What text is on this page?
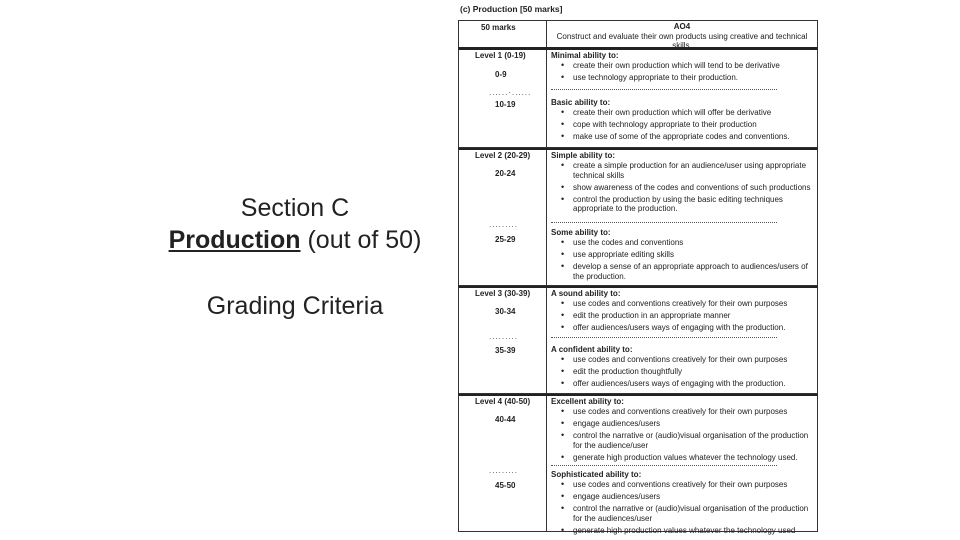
Section C
Production (out of 50)
Grading Criteria
(c) Production [50 marks]
50 marks	AO4
Construct and evaluate their own products using creative and technical skills.
Level 1 (0-19)
0-9
......·......
10-19
Minimal ability to:
• create their own production which will tend to be derivative
• use technology appropriate to their production.
Basic ability to:
• create their own production which will offer be derivative
• cope with technology appropriate to their production
• make use of some of the appropriate codes and conventions.
Level 2 (20-29)
20-24
.........
25-29
Simple ability to:
• create a simple production for an audience/user using appropriate technical skills
• show awareness of the codes and conventions of such productions
• control the production by using the basic editing techniques appropriate to the production.
Some ability to:
• use the codes and conventions
• use appropriate editing skills
• develop a sense of an appropriate approach to audiences/users of the production.
Level 3 (30-39)
30-34
.........
35-39
A sound ability to:
• use codes and conventions creatively for their own purposes
• edit the production in an appropriate manner
• offer audiences/users ways of engaging with the production.
A confident ability to:
• use codes and conventions creatively for their own purposes
• edit the production thoughtfully
• offer audiences/users ways of engaging with the production.
Level 4 (40-50)
40-44
.........
45-50
Excellent ability to:
• use codes and conventions creatively for their own purposes
• engage audiences/users
• control the narrative or (audio)visual organisation of the production for the audience/user
• generate high production values whatever the technology used.
Sophisticated ability to:
• use codes and conventions creatively for their own purposes
• engage audiences/users
• control the narrative or (audio)visual organisation of the production for the audiences/user
• generate high production values whatever the technology used
